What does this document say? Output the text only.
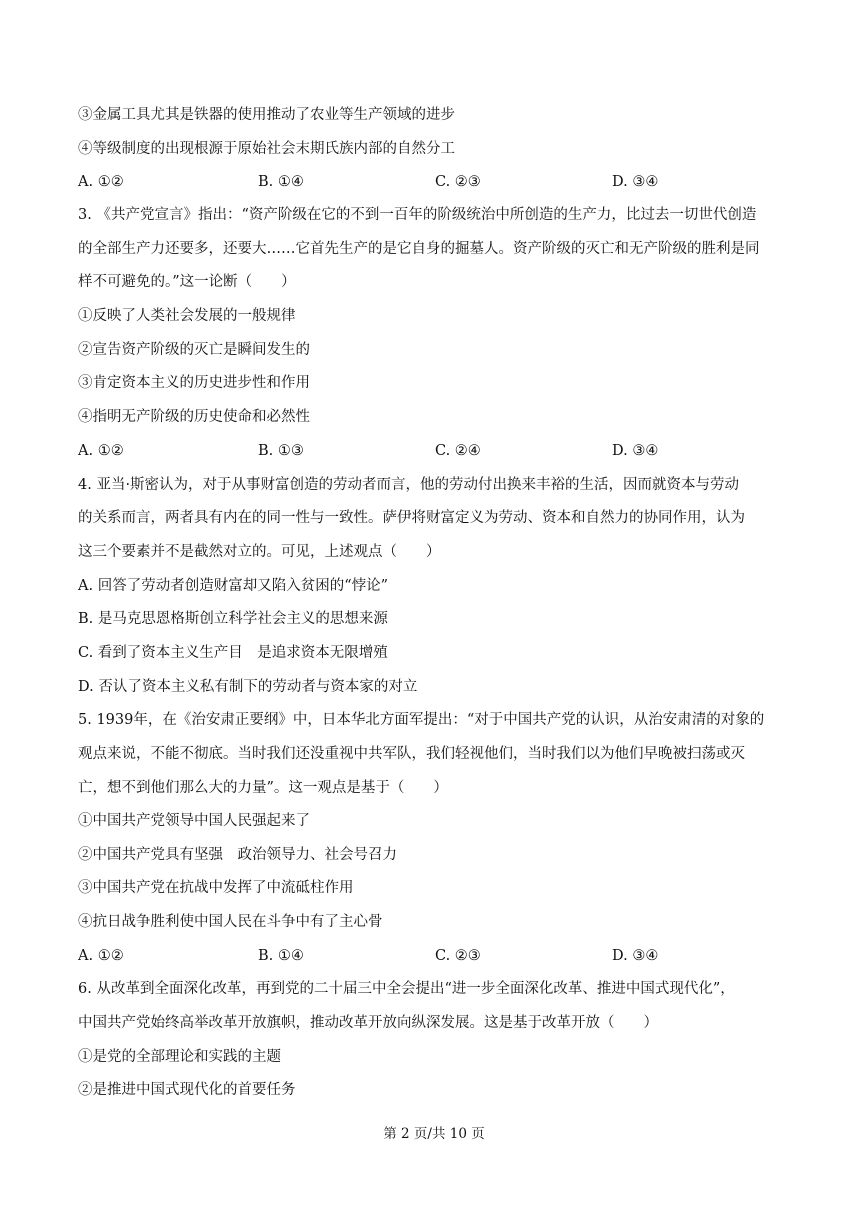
③金属工具尤其是铁器的使用推动了农业等生产领域的进步
④等级制度的出现根源于原始社会末期氏族内部的自然分工
A. ①②	B. ①④	C. ②③	D. ③④
3. 《共产党宣言》指出：“资产阶级在它的不到一百年的阶级统治中所创造的生产力，比过去一切世代创造
的全部生产力还要多，还要大……它首先生产的是它自身的掘墓人。资产阶级的灭亡和无产阶级的胜利是同
样不可避免的。”这一论断（　　）
①反映了人类社会发展的一般规律
②宣告资产阶级的灭亡是瞬间发生的
③肯定资本主义的历史进步性和作用
④指明无产阶级的历史使命和必然性
A. ①②	B. ①③	C. ②④	D. ③④
4. 亚当·斯密认为，对于从事财富创造的劳动者而言，他的劳动付出换来丰裕的生活，因而就资本与劳动
的关系而言，两者具有内在的同一性与一致性。萨伊将财富定义为劳动、资本和自然力的协同作用，认为
这三个要素并不是截然对立的。可见，上述观点（　　）
A. 回答了劳动者创造财富却又陷入贫困的“悖论”
B. 是马克思恩格斯创立科学社会主义的思想来源
C. 看到了资本主义生产目　是追求资本无限增殖
D. 否认了资本主义私有制下的劳动者与资本家的对立
5. 1939年，在《治安肃正要纲》中，日本华北方面军提出：“对于中国共产党的认识，从治安肃清的对象的
观点来说，不能不彻底。当时我们还没重视中共军队，我们轻视他们，当时我们以为他们早晚被扫荡或灭
亡，想不到他们那么大的力量”。这一观点是基于（　　）
①中国共产党领导中国人民强起来了
②中国共产党具有坚强　政治领导力、社会号召力
③中国共产党在抗战中发挥了中流砥柱作用
④抗日战争胜利使中国人民在斗争中有了主心骨
A. ①②	B. ①④	C. ②③	D. ③④
6. 从改革到全面深化改革，再到党的二十届三中全会提出“进一步全面深化改革、推进中国式现代化”，
中国共产党始终高举改革开放旗帜，推动改革开放向纵深发展。这是基于改革开放（　　）
①是党的全部理论和实践的主题
②是推进中国式现代化的首要任务
第 2 页/共 10 页
